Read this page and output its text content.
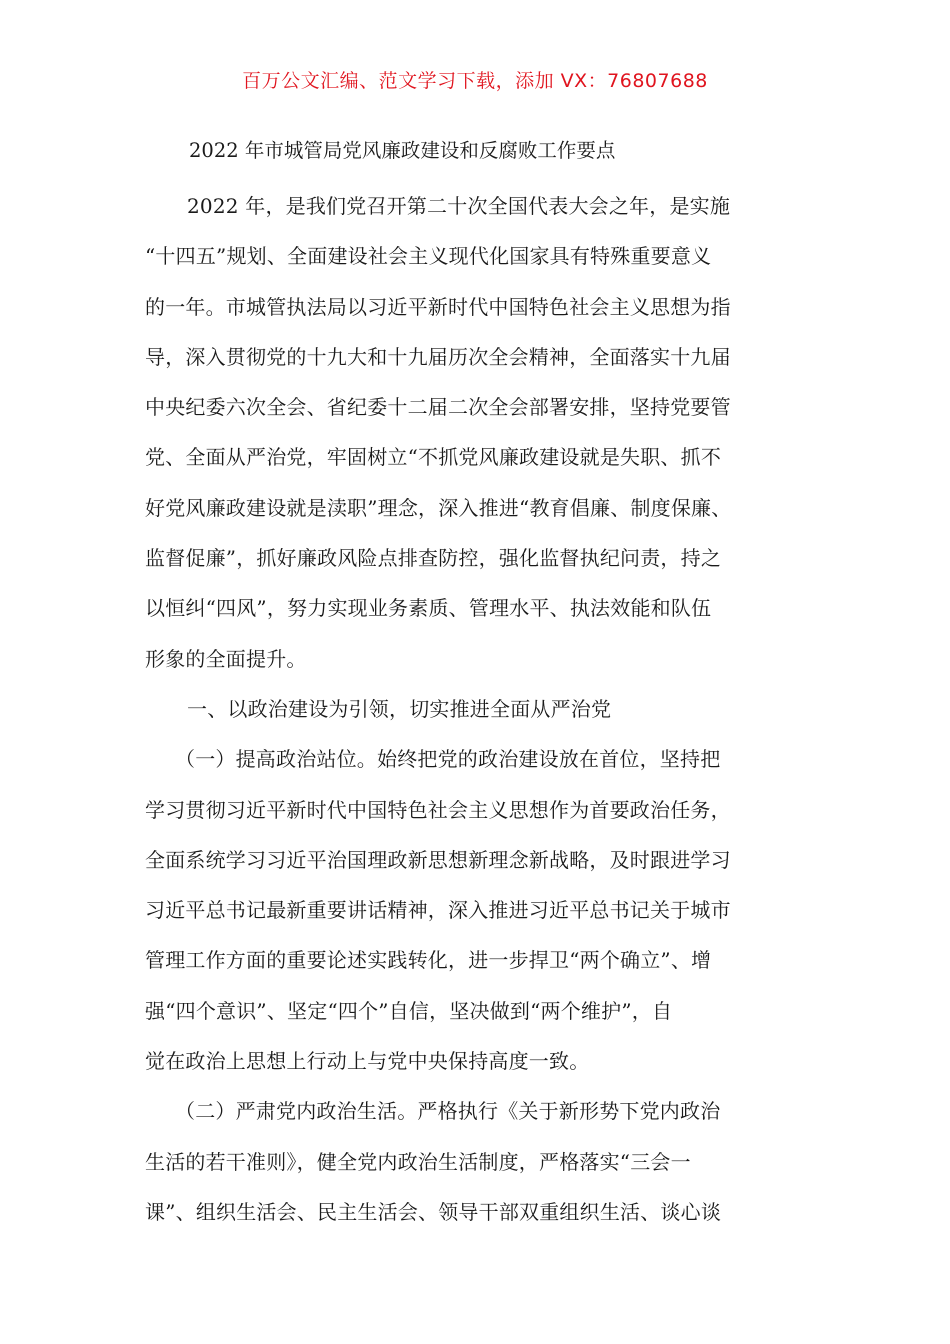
百万公文汇编、范文学习下载，添加 VX：76807688
2022 年市城管局党风廉政建设和反腐败工作要点
2022 年，是我们党召开第二十次全国代表大会之年，是实施
“十四五”规划、全面建设社会主义现代化国家具有特殊重要意义
的一年。市城管执法局以习近平新时代中国特色社会主义思想为指
导，深入贯彻党的十九大和十九届历次全会精神，全面落实十九届
中央纪委六次全会、省纪委十二届二次全会部署安排，坚持党要管
党、全面从严治党，牢固树立“不抓党风廉政建设就是失职、抓不
好党风廉政建设就是渎职”理念，深入推进“教育倡廉、制度保廉、
监督促廉”，抓好廉政风险点排查防控，强化监督执纪问责，持之
以恒纠“四风”，努力实现业务素质、管理水平、执法效能和队伍
形象的全面提升。
一、以政治建设为引领，切实推进全面从严治党
（一）提高政治站位。始终把党的政治建设放在首位，坚持把
学习贯彻习近平新时代中国特色社会主义思想作为首要政治任务，
全面系统学习习近平治国理政新思想新理念新战略，及时跟进学习
习近平总书记最新重要讲话精神，深入推进习近平总书记关于城市
管理工作方面的重要论述实践转化，进一步捍卫“两个确立”、增
强“四个意识”、坚定“四个”自信，坚决做到“两个维护”，自
觉在政治上思想上行动上与党中央保持高度一致。
（二）严肃党内政治生活。严格执行《关于新形势下党内政治
生活的若干准则》，健全党内政治生活制度，严格落实“三会一
课”、组织生活会、民主生活会、领导干部双重组织生活、谈心谈
